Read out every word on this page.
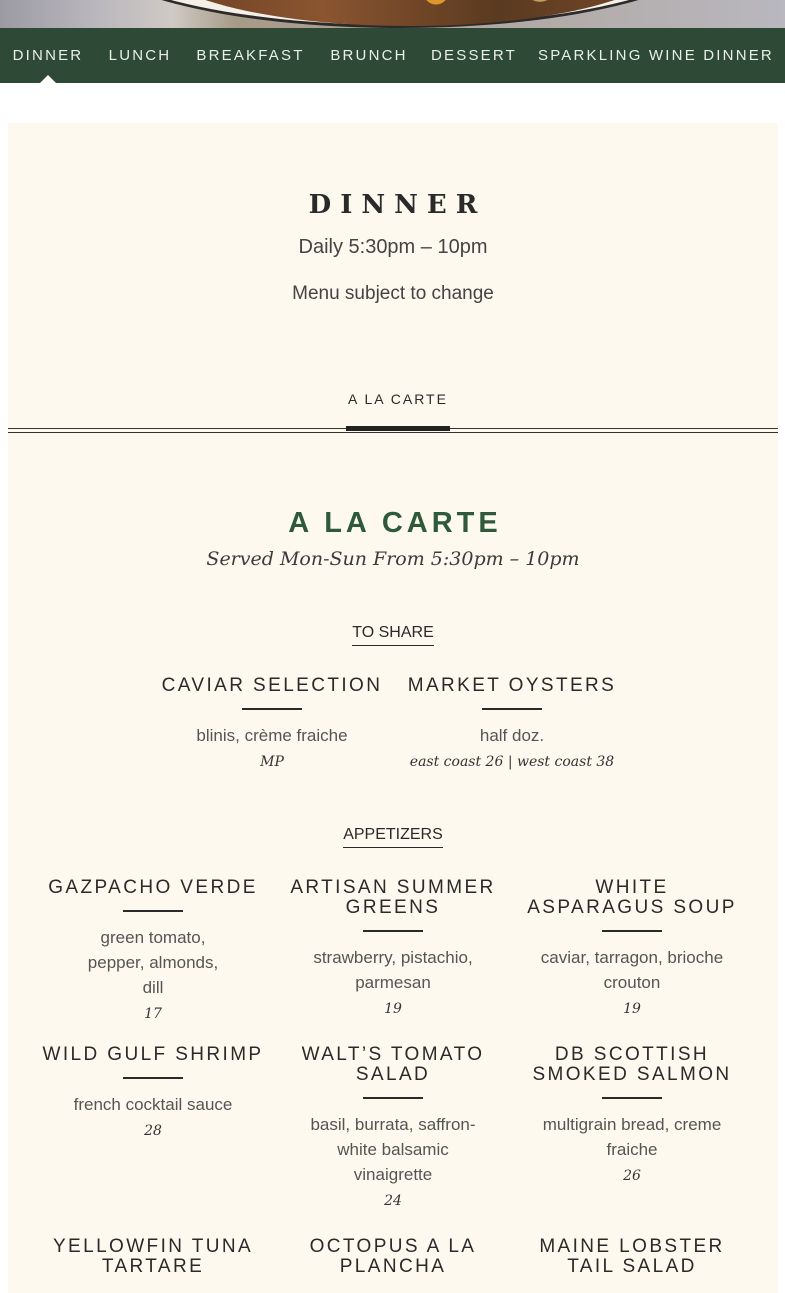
DINNER	LUNCH	BREAKFAST	BRUNCH	DESSERT	SPARKLING WINE DINNER
DINNER
Daily 5:30pm – 10pm
Menu subject to change
A LA CARTE
A LA CARTE
Served Mon-Sun From 5:30pm – 10pm
TO SHARE
CAVIAR SELECTION
blinis, crème fraiche
MP
MARKET OYSTERS
half doz.
east coast 26 | west coast 38
APPETIZERS
GAZPACHO VERDE
green tomato, pepper, almonds, dill
17
ARTISAN SUMMER GREENS
strawberry, pistachio, parmesan
19
WHITE ASPARAGUS SOUP
caviar, tarragon, brioche crouton
19
WILD GULF SHRIMP
french cocktail sauce
28
WALT’S TOMATO SALAD
basil, burrata, saffron-white balsamic vinaigrette
24
DB SCOTTISH SMOKED SALMON
multigrain bread, creme fraiche
26
YELLOWFIN TUNA TARTARE
OCTOPUS A LA PLANCHA
MAINE LOBSTER TAIL SALAD
